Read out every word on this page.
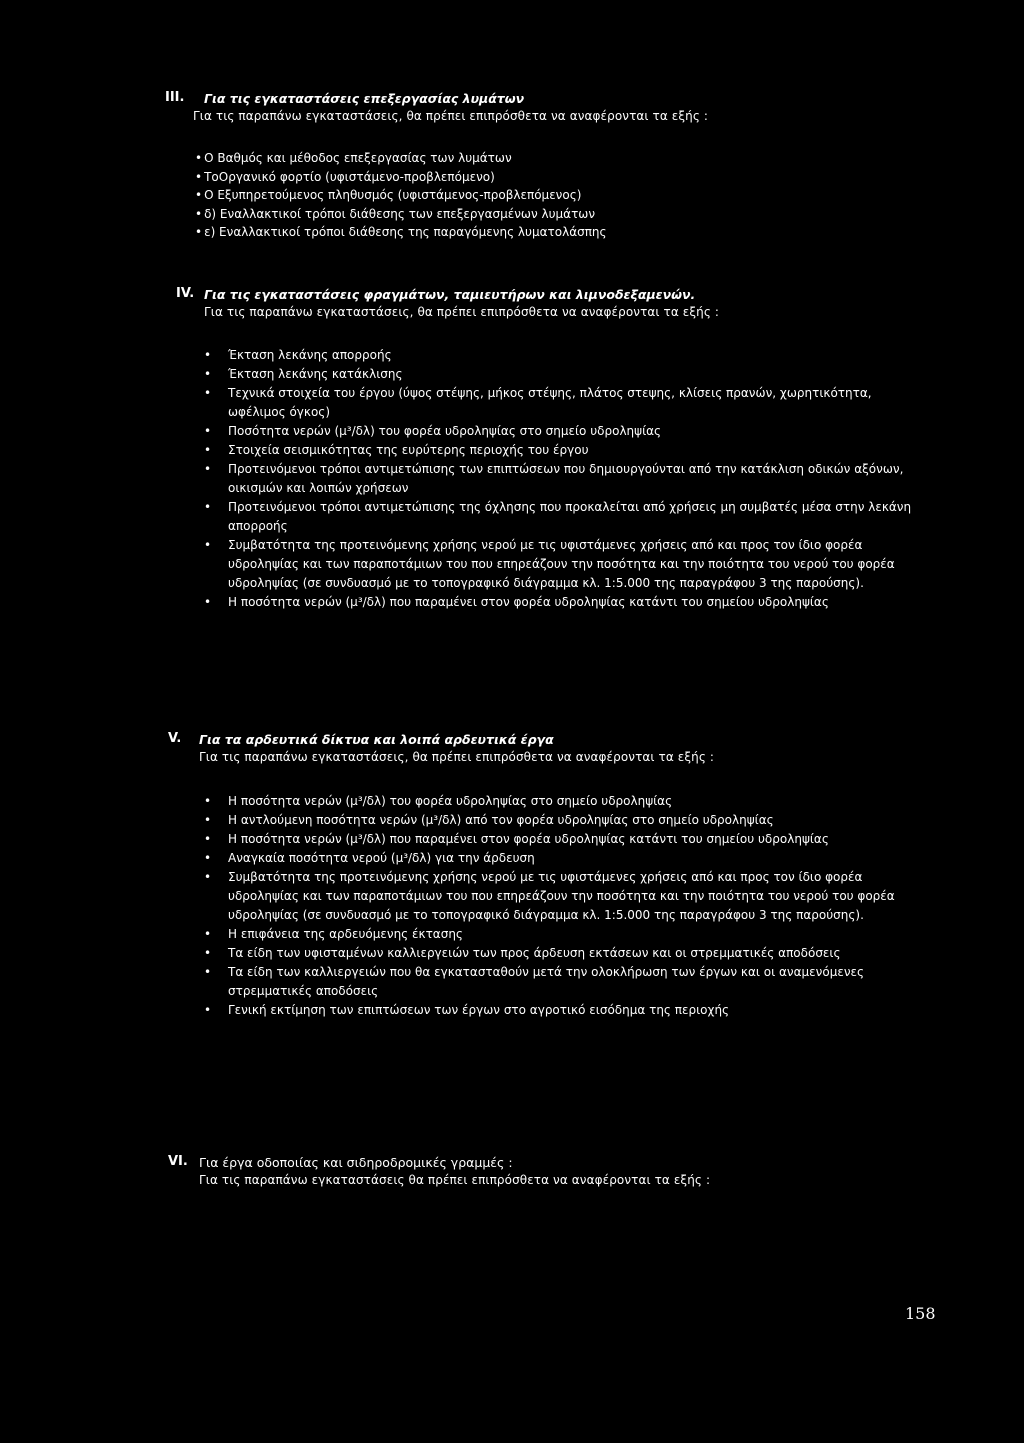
III. Για τις εγκαταστάσεις επεξεργασίας λυμάτων
Για τις παραπάνω εγκαταστάσεις, θα πρέπει επιπρόσθετα να αναφέρονται τα εξής :
• Ο Βαθμός και μέθοδος επεξεργασίας των λυμάτων
• ΤοΟργανικό φορτίο (υφιστάμενο-προβλεπόμενο)
• Ο Εξυπηρετούμενος πληθυσμός (υφιστάμενος-προβλεπόμενος)
• δ) Εναλλακτικοί τρόποι διάθεσης των επεξεργασμένων λυμάτων
• ε) Εναλλακτικοί τρόποι διάθεσης της παραγόμενης λυματολάσπης
IV. Για τις εγκαταστάσεις φραγμάτων, ταμιευτήρων και λιμνοδεξαμενών.
Για τις παραπάνω εγκαταστάσεις, θα πρέπει επιπρόσθετα να αναφέρονται τα εξής :
• Έκταση λεκάνης απορροής
• Έκταση λεκάνης κατάκλισης
• Τεχνικά στοιχεία του έργου (ύψος στέψης, μήκος στέψης, πλάτος στεψης, κλίσεις πρανών, χωρητικότητα, ωφέλιμος όγκος)
• Ποσότητα νερών (μ³/δλ) του φορέα υδροληψίας στο σημείο υδροληψίας
• Στοιχεία σεισμικότητας της ευρύτερης περιοχής του έργου
• Προτεινόμενοι τρόποι αντιμετώπισης των επιπτώσεων που δημιουργούνται από την κατάκλιση οδικών αξόνων, οικισμών και λοιπών χρήσεων
• Προτεινόμενοι τρόποι αντιμετώπισης της όχλησης που προκαλείται από χρήσεις μη συμβατές μέσα στην λεκάνη απορροής
• Συμβατότητα της προτεινόμενης χρήσης νερού με τις υφιστάμενες χρήσεις από και προς τον ίδιο φορέα υδροληψίας και των παραποτάμιων του που επηρεάζουν την ποσότητα και την ποιότητα του νερού του φορέα υδροληψίας (σε συνδυασμό με το τοπογραφικό διάγραμμα κλ. 1:5.000 της παραγράφου 3 της παρούσης).
• Η ποσότητα νερών (μ³/δλ) που παραμένει στον φορέα υδροληψίας κατάντι του σημείου υδροληψίας
V. Για τα αρδευτικά δίκτυα και λοιπά αρδευτικά έργα
Για τις παραπάνω εγκαταστάσεις, θα πρέπει επιπρόσθετα να αναφέρονται τα εξής :
• Η ποσότητα νερών (μ³/δλ) του φορέα υδροληψίας στο σημείο υδροληψίας
• Η αντλούμενη ποσότητα νερών (μ³/δλ) από τον φορέα υδροληψίας στο σημείο υδροληψίας
• Η ποσότητα νερών (μ³/δλ) που παραμένει στον φορέα υδροληψίας κατάντι του σημείου υδροληψίας
• Αναγκαία ποσότητα νερού (μ³/δλ) για την άρδευση
• Συμβατότητα της προτεινόμενης χρήσης νερού με τις υφιστάμενες χρήσεις από και προς τον ίδιο φορέα υδροληψίας και των παραποτάμιων του που επηρεάζουν την ποσότητα και την ποιότητα του νερού του φορέα υδροληψίας (σε συνδυασμό με το τοπογραφικό διάγραμμα κλ. 1:5.000 της παραγράφου 3 της παρούσης).
• Η επιφάνεια της αρδευόμενης έκτασης
• Τα είδη των υφισταμένων καλλιεργειών των προς άρδευση εκτάσεων και οι στρεμματικές αποδόσεις
• Τα είδη των καλλιεργειών που θα εγκατασταθούν μετά την ολοκλήρωση των έργων και οι αναμενόμενες στρεμματικές αποδόσεις
• Γενική εκτίμηση των επιπτώσεων των έργων στο αγροτικό εισόδημα της περιοχής
VI. Για έργα οδοποιίας και σιδηροδρομικές γραμμές :
Για τις παραπάνω εγκαταστάσεις θα πρέπει επιπρόσθετα να αναφέρονται τα εξής :
158
